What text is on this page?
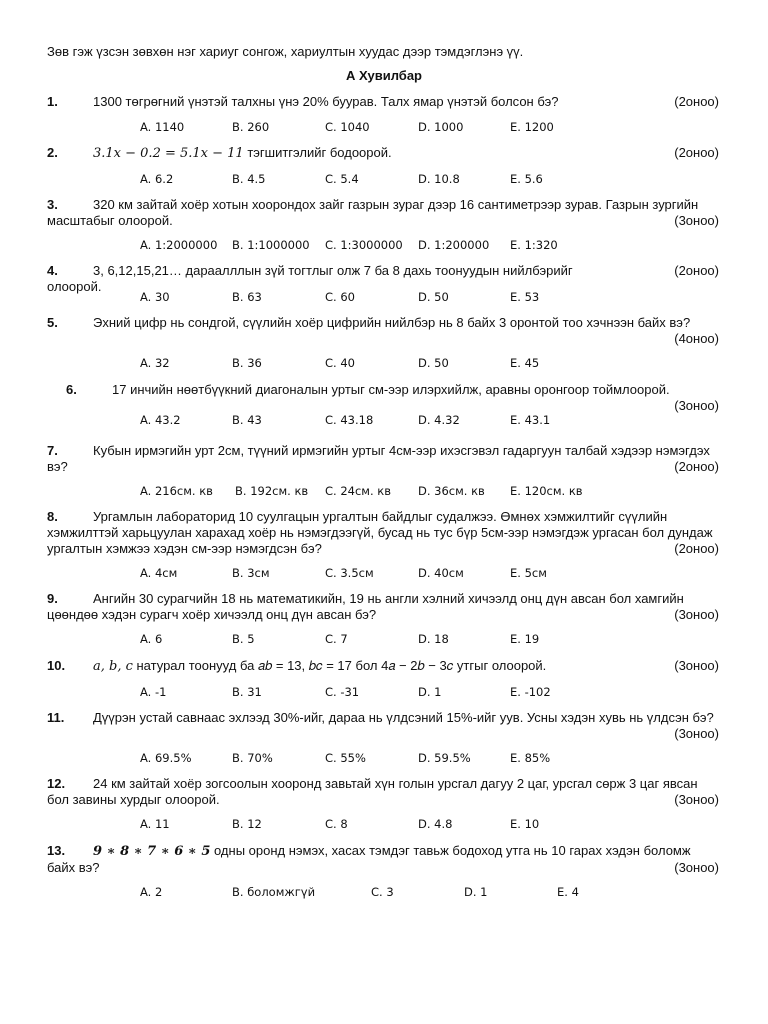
Зөв гэж үзсэн зөвхөн нэг хариуг сонгож, хариултын хуудас дээр тэмдэглэнэ үү.
А Хувилбар
1.	(2оноо)
1300 төгрөгний үнэтэй талхны үнэ 20% буурав. Талх ямар үнэтэй болсон бэ?
A. 1140	B. 260	C. 1040	D. 1000	E. 1200
2.	(2оноо)
3.1𝑥 − 0.2 = 5.1𝑥 − 11 тэгшитгэлийг бодоорой.
A. 6.2	B. 4.5	C. 5.4	D. 10.8	E. 5.6
3.	320 км зайтай хоёр хотын хоорондох зайг газрын зураг дээр 16 сантиметрээр зурав. Газрын зургийн масштабыг олоорой.	(3оноо)
A. 1:2000000 B. 1:1000000 C. 1:3000000 D. 1:200000 E. 1:320
4.	(2оноо)
3, 6,12,15,21… дараалллын зүй тогтлыг олж 7 ба 8 дахь тоонуудын нийлбэрийг олоорой.
A. 30	B. 63	C. 60	D. 50	E. 53
5.	Эхний цифр нь сондгой, сүүлийн хоёр цифрийн нийлбэр нь 8 байх 3 оронтой тоо хэчнээн байх вэ?
(4оноо)
A. 32	B. 36	C. 40	D. 50	E. 45
6.	17 инчийн нөөтбүүкний диагоналын уртыг см-ээр илэрхийлж, аравны оронгоор тоймлоорой.
(3оноо)
A. 43.2	B. 43	C. 43.18	D. 4.32	E. 43.1
7.	Кубын ирмэгийн урт 2см, түүний ирмэгийн уртыг 4см-ээр ихэсгэвэл гадаргуун талбай хэдээр нэмэгдэх вэ?	(2оноо)
A. 216см. кв B. 192см. кв C. 24см. кв D. 36см. кв E. 120см. кв
8.	Ургамлын лабораторид 10 суулгацын ургалтын байдлыг судалжээ. Өмнөх хэмжилтийг сүүлийн хэмжилттэй харьцуулан харахад хоёр нь нэмэгдээгүй, бусад нь тус бүр 5см-ээр нэмэгдэж ургасан бол дундаж ургалтын хэмжээ хэдэн см-ээр нэмэгдсэн бэ?	(2оноо)
A. 4см	B. 3см	C. 3.5см	D. 40см	E. 5см
9.	Ангийн 30 сурагчийн 18 нь математикийн, 19 нь англи хэлний хичээлд онц дүн авсан бол хамгийн цөөндөө хэдэн сурагч хоёр хичээлд онц дүн авсан бэ?	(3оноо)
A. 6	B. 5	C. 7	D. 18	E. 19
10.	(3оноо)
𝑎, 𝑏, 𝑐 натурал тоонууд ба 𝑎𝑏 = 13, 𝑏𝑐 = 17 бол 4𝑎 − 2𝑏 − 3𝑐 утгыг олоорой.
A. -1	B. 31	C. -31	D. 1	E. -102
11.	Дүүрэн устай савнаас эхлээд 30%-ийг, дараа нь үлдсэний 15%-ийг уув. Усны хэдэн хувь нь үлдсэн бэ?
(3оноо)
A. 69.5%	B. 70%	C. 55%	D. 59.5%	E. 85%
12.	24 км зайтай хоёр зогсоолын хооронд завьтай хүн голын урсгал дагуу 2 цаг, урсгал сөрж 3 цаг явсан бол завины хурдыг олоорой.	(3оноо)
A. 11	B. 12	C. 8	D. 4.8	E. 10
13.	9 ∗ 8 ∗ 7 ∗ 6 ∗ 5 одны оронд нэмэх, хасах тэмдэг тавьж бодоход утга нь 10 гарах хэдэн боломж байх вэ?	(3оноо)
A. 2	B. боломжгүй	C. 3	D. 1	E. 4
